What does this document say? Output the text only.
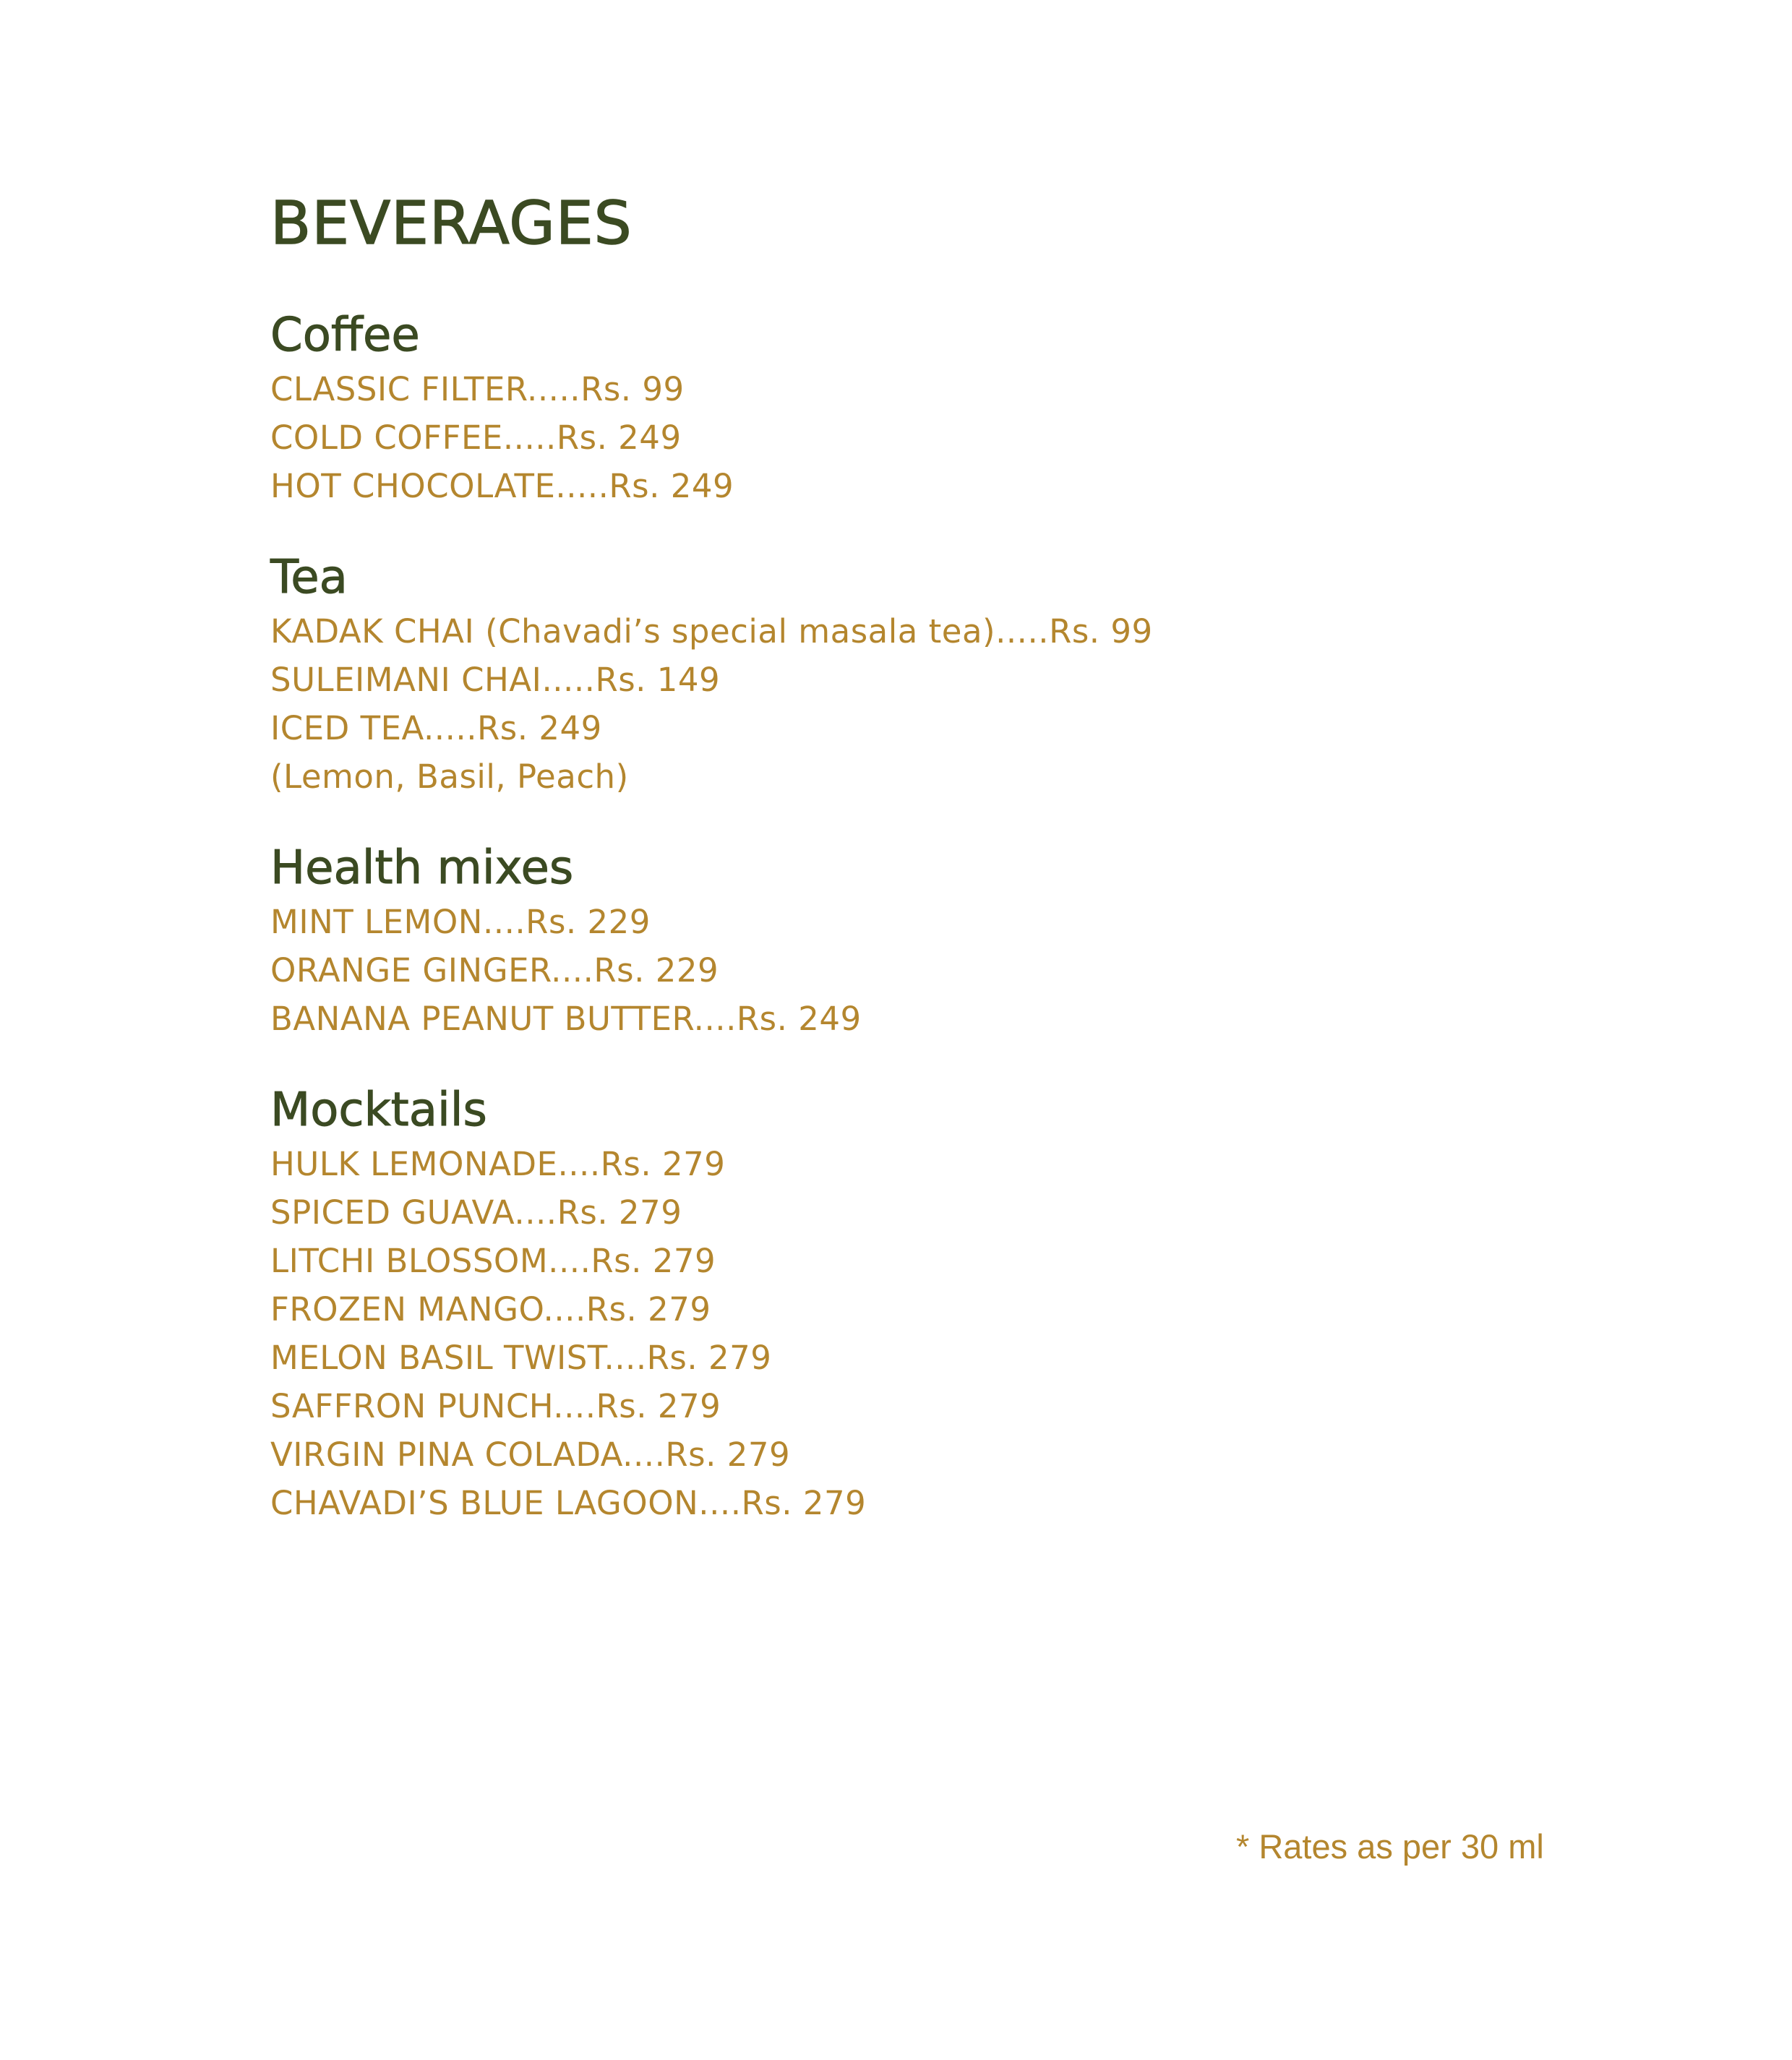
BEVERAGES
Coffee
CLASSIC FILTER.....Rs. 99
COLD COFFEE.....Rs. 249
HOT CHOCOLATE.....Rs. 249
Tea
KADAK CHAI (Chavadi’s special masala tea).....Rs. 99
SULEIMANI CHAI.....Rs. 149
ICED TEA.....Rs. 249
(Lemon, Basil, Peach)
Health mixes
MINT LEMON....Rs. 229
ORANGE GINGER....Rs. 229
BANANA PEANUT BUTTER....Rs. 249
Mocktails
HULK LEMONADE....Rs. 279
SPICED GUAVA....Rs. 279
LITCHI BLOSSOM....Rs. 279
FROZEN MANGO....Rs. 279
MELON BASIL TWIST....Rs. 279
SAFFRON PUNCH....Rs. 279
VIRGIN PINA COLADA....Rs. 279
CHAVADI’S BLUE LAGOON....Rs. 279

* Rates as per 30 ml
